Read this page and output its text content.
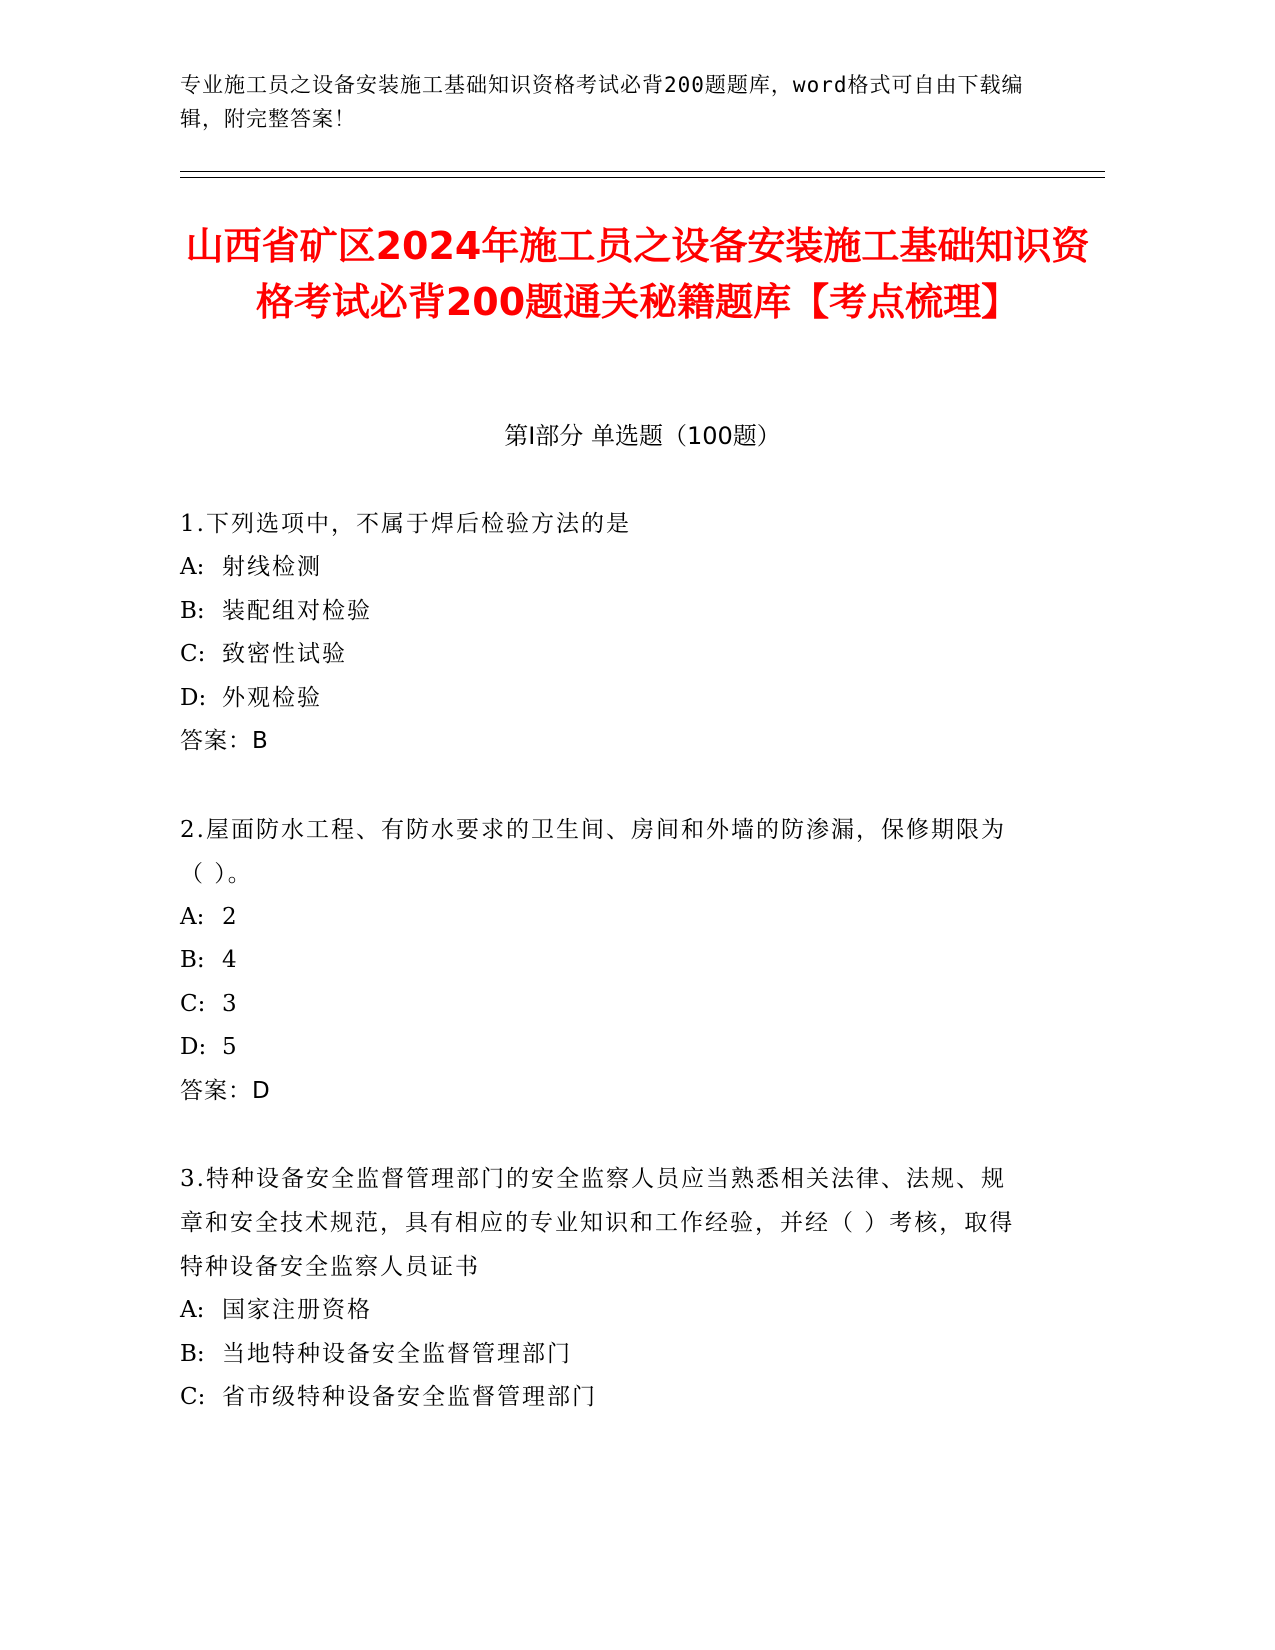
专业施工员之设备安装施工基础知识资格考试必背200题题库，word格式可自由下载编辑，附完整答案！
山西省矿区2024年施工员之设备安装施工基础知识资格考试必背200题通关秘籍题库【考点梳理】
第Ⅰ部分 单选题（100题）
1.下列选项中，不属于焊后检验方法的是
A: 射线检测
B: 装配组对检验
C: 致密性试验
D: 外观检验
答案：B
2.屋面防水工程、有防水要求的卫生间、房间和外墙的防渗漏，保修期限为（ ）。
A: 2
B: 4
C: 3
D: 5
答案：D
3.特种设备安全监督管理部门的安全监察人员应当熟悉相关法律、法规、规章和安全技术规范，具有相应的专业知识和工作经验，并经（ ）考核，取得特种设备安全监察人员证书
A: 国家注册资格
B: 当地特种设备安全监督管理部门
C: 省市级特种设备安全监督管理部门
